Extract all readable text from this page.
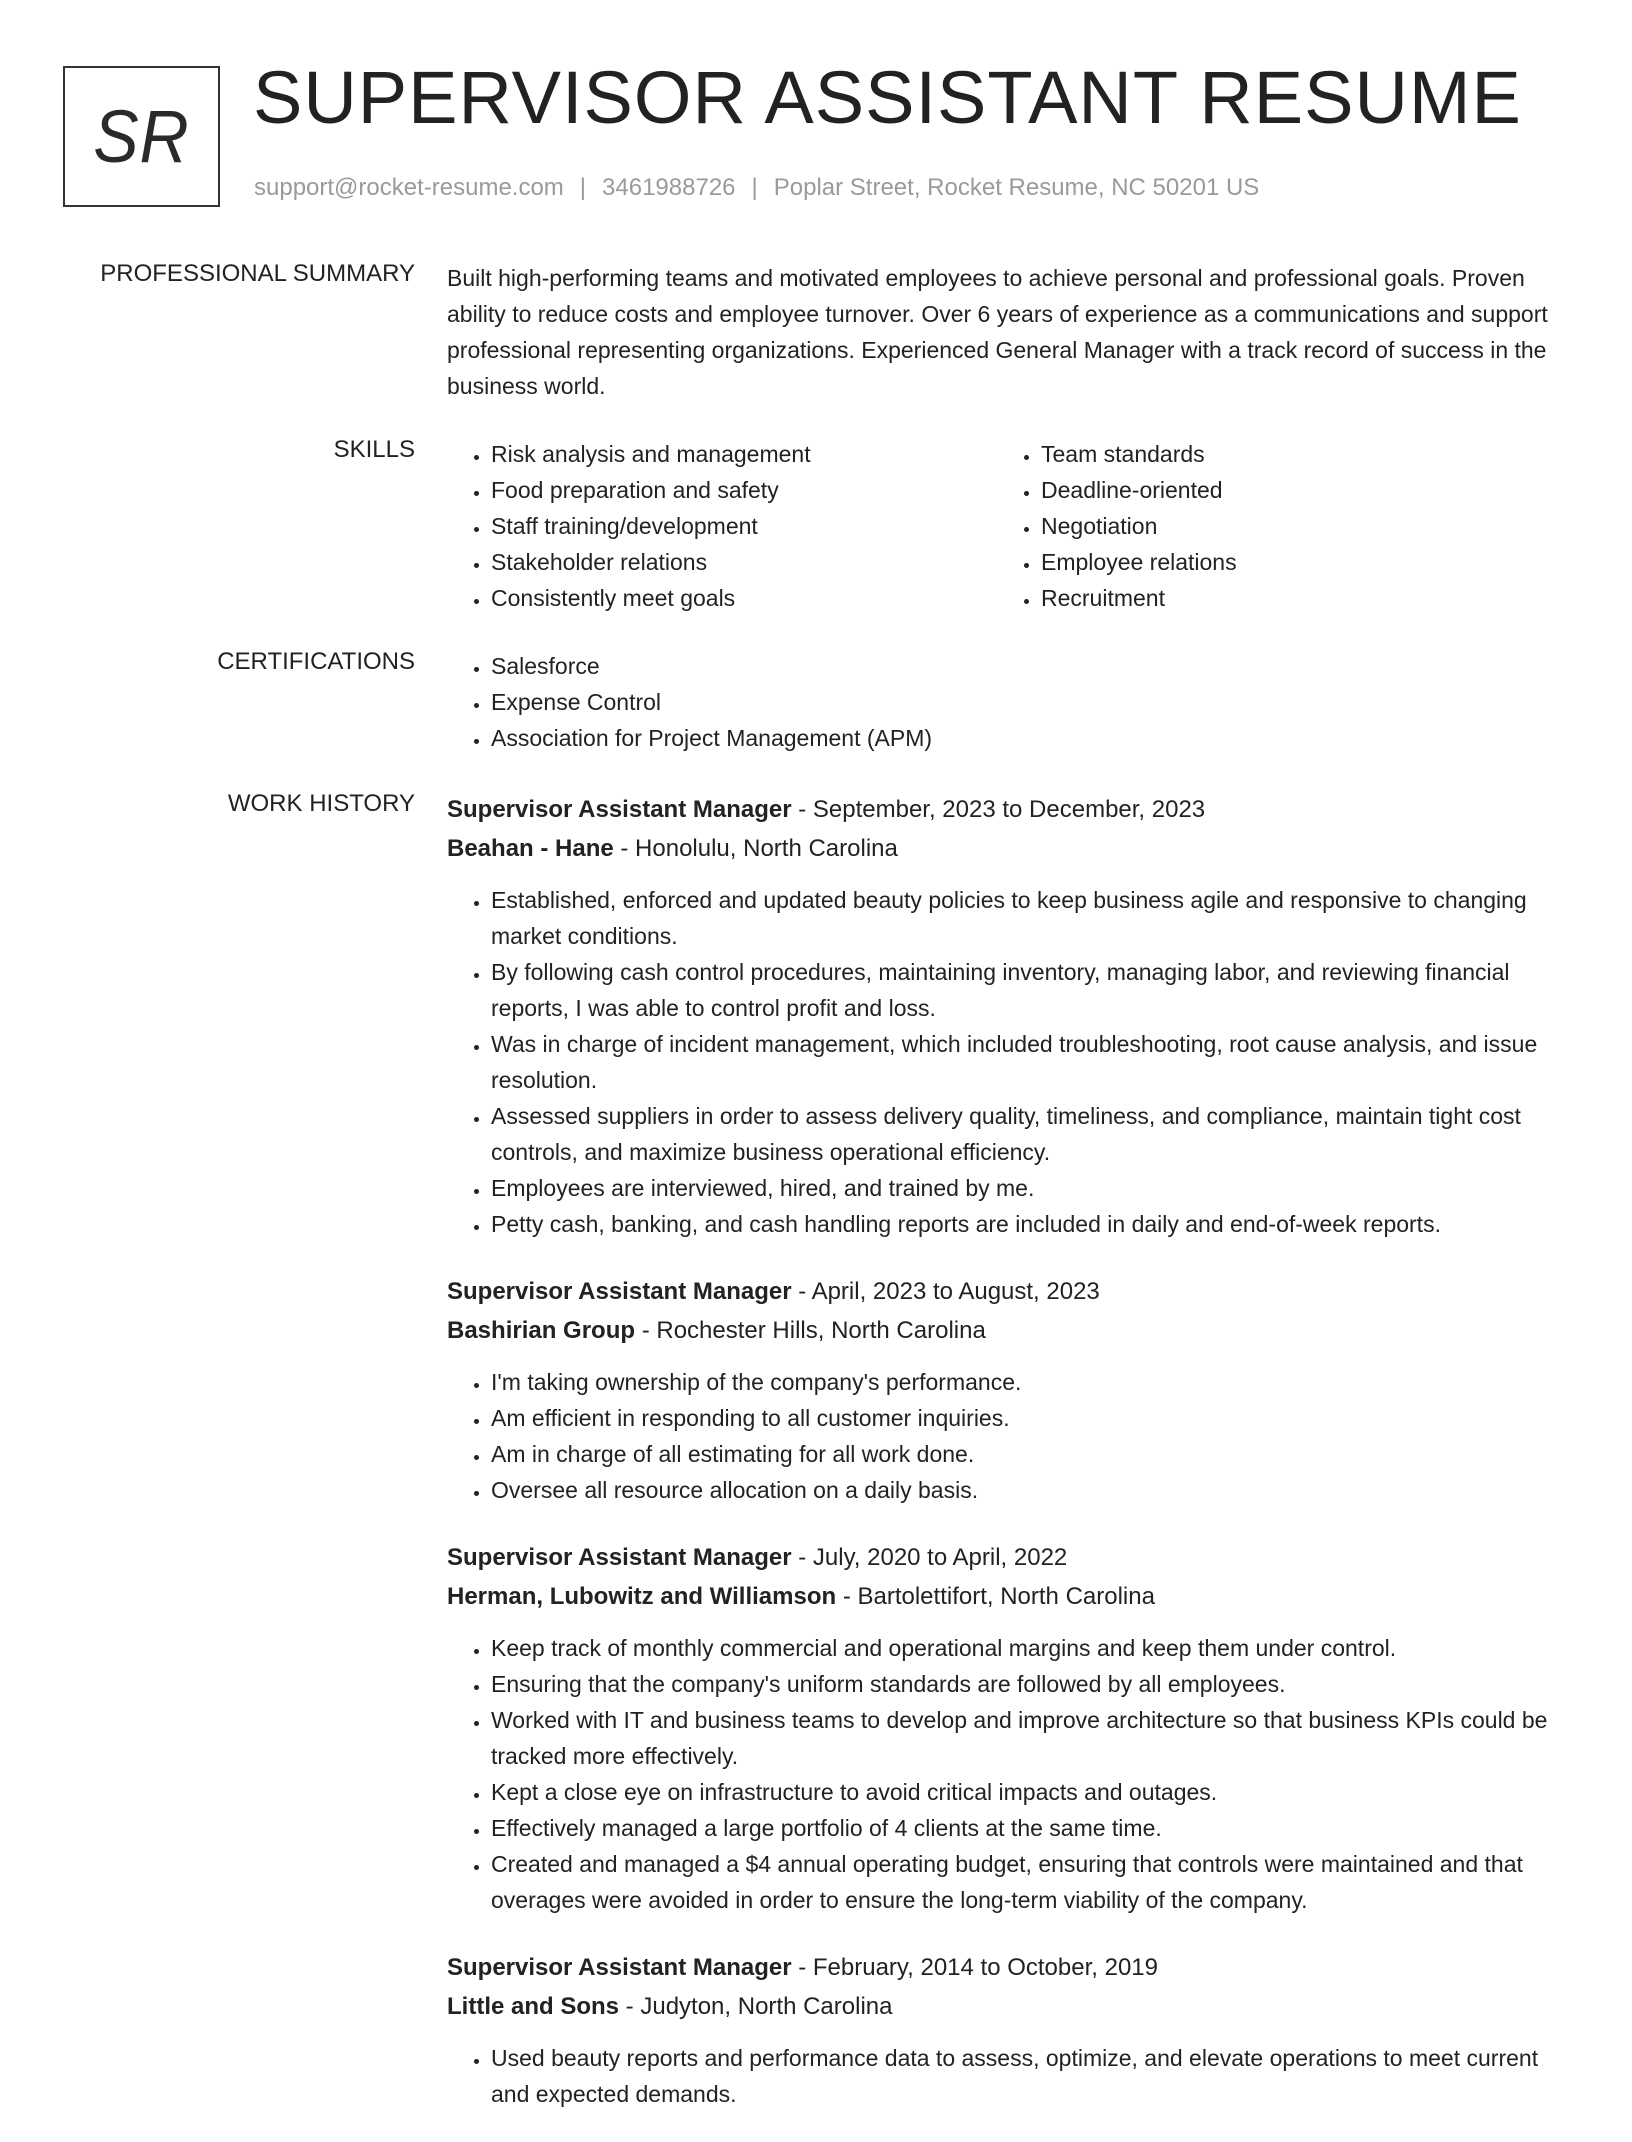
SR SUPERVISOR ASSISTANT RESUME
support@rocket-resume.com | 3461988726 | Poplar Street, Rocket Resume, NC 50201 US
PROFESSIONAL SUMMARY Built high-performing teams and motivated employees to achieve personal and professional goals. Proven ability to reduce costs and employee turnover. Over 6 years of experience as a communications and support professional representing organizations. Experienced General Manager with a track record of success in the business world.

SKILLS	• Risk analysis and management
• Food preparation and safety
• Staff training/development
• Stakeholder relations
• Consistently meet goals
• Team standards
• Deadline-oriented
• Negotiation
• Employee relations
• Recruitment
CERTIFICATIONS	• Salesforce
• Expense Control
• Association for Project Management (APM)
WORK HISTORY Supervisor Assistant Manager - September, 2023 to December, 2023
Beahan - Hane - Honolulu, North Carolina
• Established, enforced and updated beauty policies to keep business agile and responsive to changing market conditions.
• By following cash control procedures, maintaining inventory, managing labor, and reviewing financial reports, I was able to control profit and loss.
• Was in charge of incident management, which included troubleshooting, root cause analysis, and issue resolution.
• Assessed suppliers in order to assess delivery quality, timeliness, and compliance, maintain tight cost controls, and maximize business operational efficiency.
• Employees are interviewed, hired, and trained by me.
• Petty cash, banking, and cash handling reports are included in daily and end-of-week reports.
Supervisor Assistant Manager - April, 2023 to August, 2023
Bashirian Group - Rochester Hills, North Carolina
• I'm taking ownership of the company's performance.
• Am efficient in responding to all customer inquiries.
• Am in charge of all estimating for all work done.
• Oversee all resource allocation on a daily basis.
Supervisor Assistant Manager - July, 2020 to April, 2022
Herman, Lubowitz and Williamson - Bartolettifort, North Carolina
• Keep track of monthly commercial and operational margins and keep them under control.
• Ensuring that the company's uniform standards are followed by all employees.
• Worked with IT and business teams to develop and improve architecture so that business KPIs could be tracked more effectively.
• Kept a close eye on infrastructure to avoid critical impacts and outages.
• Effectively managed a large portfolio of 4 clients at the same time.
• Created and managed a $4 annual operating budget, ensuring that controls were maintained and that overages were avoided in order to ensure the long-term viability of the company.
Supervisor Assistant Manager - February, 2014 to October, 2019
Little and Sons - Judyton, North Carolina
• Used beauty reports and performance data to assess, optimize, and elevate operations to meet current and expected demands.
